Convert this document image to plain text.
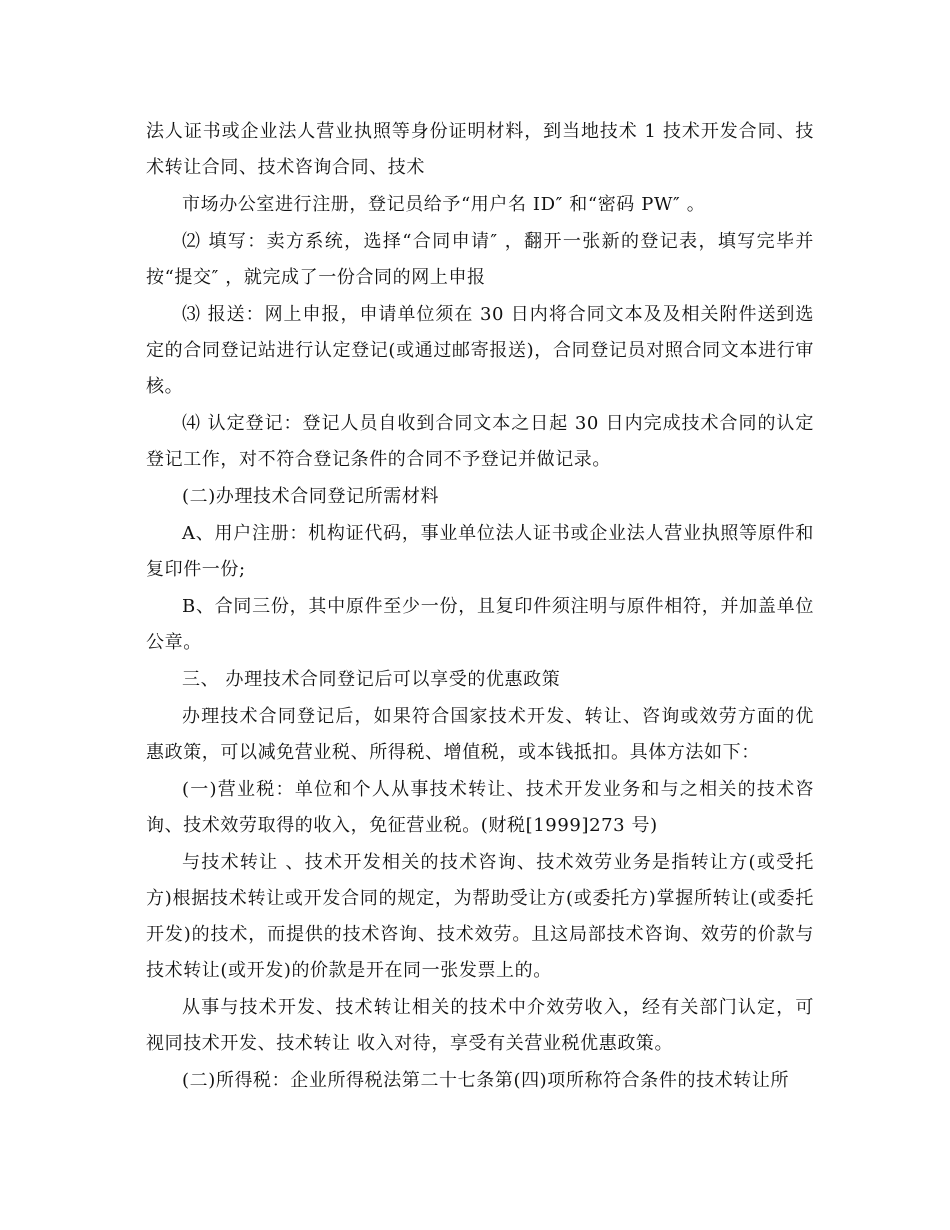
法人证书或企业法人营业执照等身份证明材料，到当地技术 1 技术开发合同、技术转让合同、技术咨询合同、技术

市场办公室进行注册，登记员给予“用户名 ID″ 和“密码 PW″ 。

⑵ 填写：卖方系统，选择“合同申请″ ，翻开一张新的登记表，填写完毕并按“提交″ ，就完成了一份合同的网上申报

⑶ 报送：网上申报，申请单位须在 30 日内将合同文本及及相关附件送到选定的合同登记站进行认定登记(或通过邮寄报送)，合同登记员对照合同文本进行审核。

⑷ 认定登记：登记人员自收到合同文本之日起 30 日内完成技术合同的认定登记工作，对不符合登记条件的合同不予登记并做记录。

(二)办理技术合同登记所需材料

A、用户注册：机构证代码，事业单位法人证书或企业法人营业执照等原件和复印件一份;

B、合同三份，其中原件至少一份，且复印件须注明与原件相符，并加盖单位公章。

三、 办理技术合同登记后可以享受的优惠政策

办理技术合同登记后，如果符合国家技术开发、转让、咨询或效劳方面的优惠政策，可以减免营业税、所得税、增值税，或本钱抵扣。具体方法如下：

(一)营业税：单位和个人从事技术转让、技术开发业务和与之相关的技术咨询、技术效劳取得的收入，免征营业税。(财税[1999]273 号)

与技术转让 、技术开发相关的技术咨询、技术效劳业务是指转让方(或受托方)根据技术转让或开发合同的规定，为帮助受让方(或委托方)掌握所转让(或委托开发)的技术，而提供的技术咨询、技术效劳。且这局部技术咨询、效劳的价款与技术转让(或开发)的价款是开在同一张发票上的。

从事与技术开发、技术转让相关的技术中介效劳收入，经有关部门认定，可视同技术开发、技术转让 收入对待，享受有关营业税优惠政策。

(二)所得税：企业所得税法第二十七条第(四)项所称符合条件的技术转让所
